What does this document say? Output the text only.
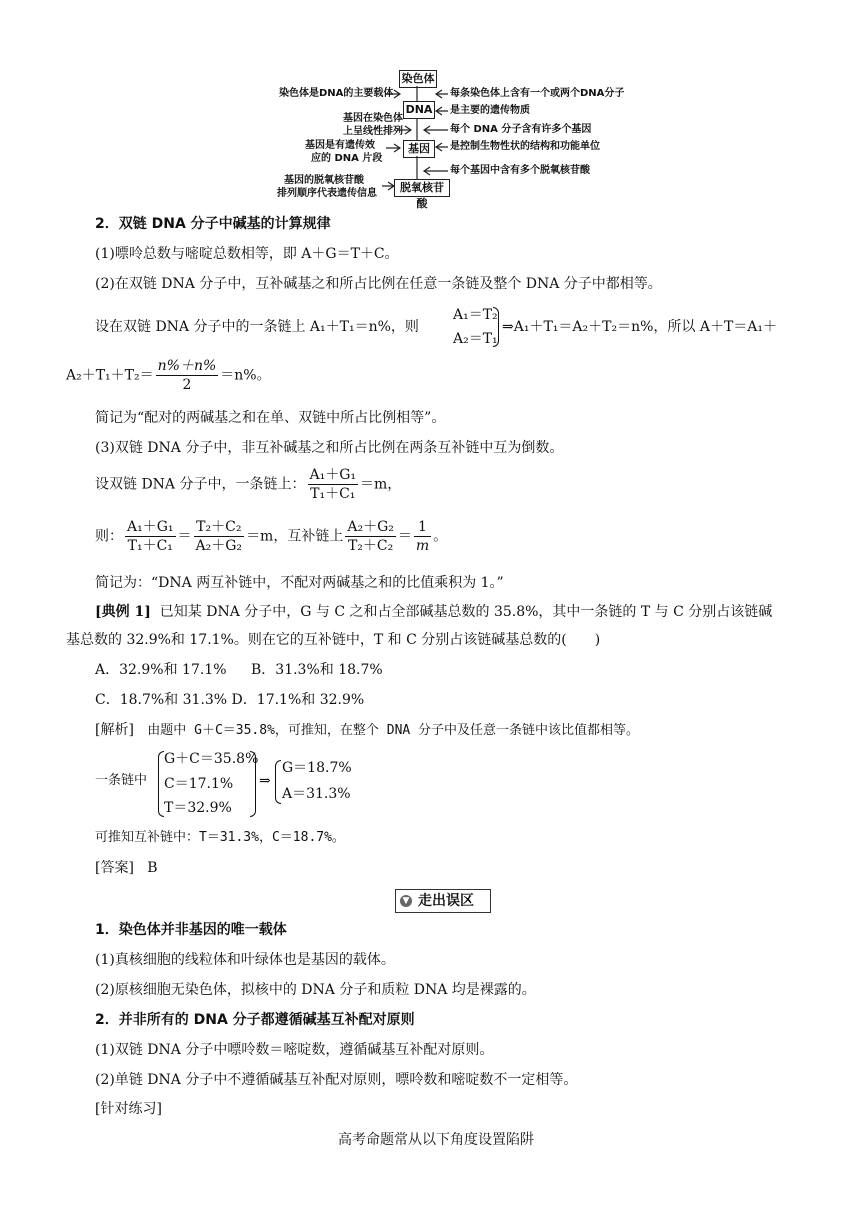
染色体
DNA
基因
脱氧核苷酸
染色体是DNA的主要载体
基因在染色体
上呈线性排列
基因是有遗传效
应的 DNA 片段
基因的脱氧核苷酸
排列顺序代表遗传信息
每条染色体上含有一个或两个DNA分子
是主要的遗传物质
每个 DNA 分子含有许多个基因
是控制生物性状的结构和功能单位
每个基因中含有多个脱氧核苷酸
2．双链 DNA 分子中碱基的计算规律
(1)嘌呤总数与嘧啶总数相等，即 A＋G＝T＋C。
(2)在双链 DNA 分子中，互补碱基之和所占比例在任意一条链及整个 DNA 分子中都相等。
设在双链 DNA 分子中的一条链上 A₁＋T₁＝n%，则
A₁＝T₂
A₂＝T₁
⇒A₁＋T₁＝A₂＋T₂＝n%，所以 A＋T＝A₁＋
$A_2+T_1+T_2= \frac{n\%+n\%}{2} =n\%$。
简记为“配对的两碱基之和在单、双链中所占比例相等”。
(3)双链 DNA 分子中，非互补碱基之和所占比例在两条互补链中互为倒数。
设双链 DNA 分子中，一条链上： $\frac{\text{A₁＋G₁}}{\text{T₁＋C₁}} =m$，
则： $\frac{\text{A₁＋G₁}}{\text{T₁＋C₁}} = \frac{\text{T₂＋C₂}}{\text{A₂＋G₂}} =m$，互补链上 $\frac{\text{A₂＋G₂}}{\text{T₂＋C₂}} = \frac{1}{m}$ 。
简记为：“DNA 两互补链中，不配对两碱基之和的比值乘积为 1。”
[典例 1] 已知某 DNA 分子中，G 与 C 之和占全部碱基总数的 35.8%，其中一条链的 T 与 C 分别占该链碱
基总数的 32.9%和 17.1%。则在它的互补链中，T 和 C 分别占该链碱基总数的(　　)
A．32.9%和 17.1% B．31.3%和 18.7%
C．18.7%和 31.3% D．17.1%和 32.9%
[解析] 由题中 G＋C＝35.8%，可推知，在整个 DNA 分子中及任意一条链中该比值都相等。
一条链中
G＋C＝35.8%
C＝17.1%
T＝32.9%
⇒
G＝18.7%
A＝31.3%
可推知互补链中：T＝31.3%，C＝18.7%。
[答案] B
▼ 走出误区
1．染色体并非基因的唯一载体
(1)真核细胞的线粒体和叶绿体也是基因的载体。
(2)原核细胞无染色体，拟核中的 DNA 分子和质粒 DNA 均是裸露的。
2．并非所有的 DNA 分子都遵循碱基互补配对原则
(1)双链 DNA 分子中嘌呤数＝嘧啶数，遵循碱基互补配对原则。
(2)单链 DNA 分子中不遵循碱基互补配对原则，嘌呤数和嘧啶数不一定相等。
[针对练习]
高考命题常从以下角度设置陷阱
